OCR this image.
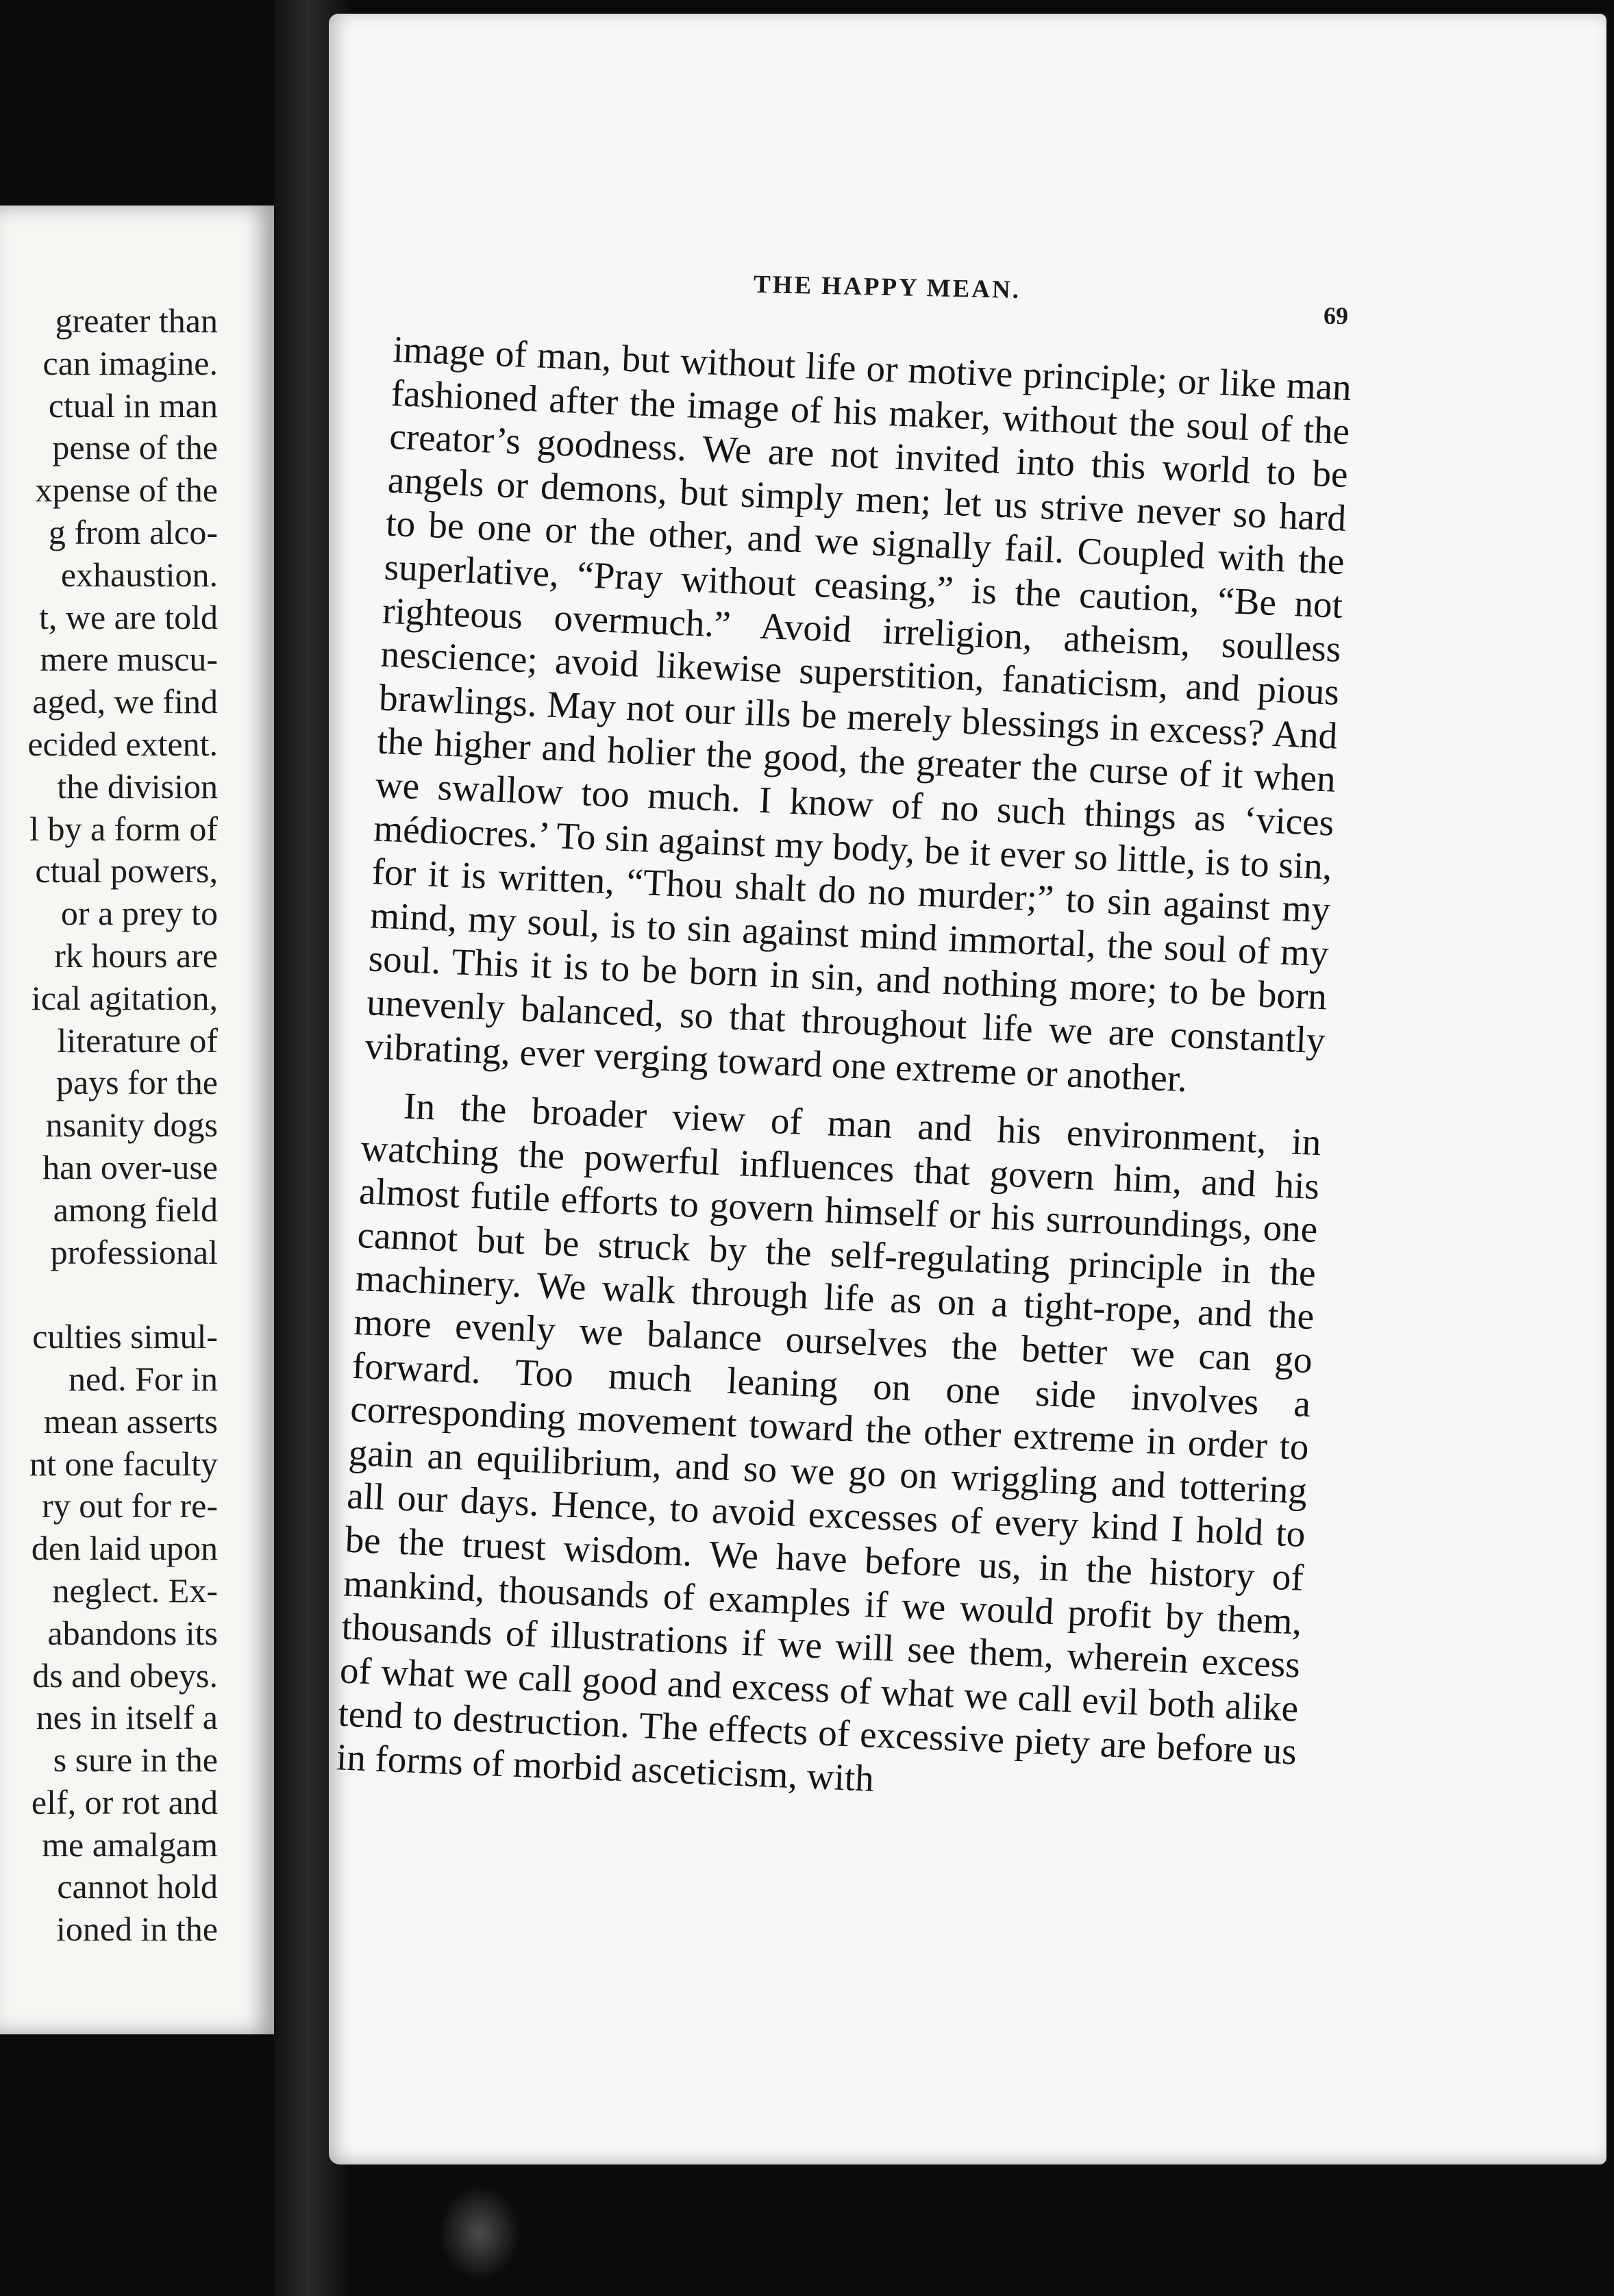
greater than
can imagine.
ctual in man
pense of the
xpense of the
g from alco-
exhaustion.
t, we are told
mere muscu-
aged, we find
ecided extent.
the division
l by a form of
ctual powers,
or a prey to
rk hours are
ical agitation,
literature of
pays for the
nsanity dogs
han over-use
among field
professional
culties simul-
ned. For in
mean asserts
nt one faculty
ry out for re-
den laid upon
neglect. Ex-
abandons its
ds and obeys.
nes in itself a
s sure in the
elf, or rot and
me amalgam
cannot hold
ioned in the
THE HAPPY MEAN.
69

image of man, but without life or motive principle; or like man fashioned after the image of his maker, without the soul of the creator’s goodness. We are not invited into this world to be angels or demons, but simply men; let us strive never so hard to be one or the other, and we signally fail. Coupled with the superlative, “Pray without ceasing,” is the caution, “Be not righteous overmuch.” Avoid irreligion, atheism, soulless nescience; avoid likewise superstition, fanaticism, and pious brawlings. May not our ills be merely blessings in excess? And the higher and holier the good, the greater the curse of it when we swallow too much. I know of no such things as ‘vices médiocres.’ To sin against my body, be it ever so little, is to sin, for it is written, “Thou shalt do no murder;” to sin against my mind, my soul, is to sin against mind immortal, the soul of my soul. This it is to be born in sin, and nothing more; to be born unevenly balanced, so that throughout life we are constantly vibrating, ever verging toward one extreme or another.

In the broader view of man and his environment, in watching the powerful influences that govern him, and his almost futile efforts to govern himself or his surroundings, one cannot but be struck by the self-regulating principle in the machinery. We walk through life as on a tight-rope, and the more evenly we balance ourselves the better we can go forward. Too much leaning on one side involves a corresponding movement toward the other extreme in order to gain an equilibrium, and so we go on wriggling and tottering all our days. Hence, to avoid excesses of every kind I hold to be the truest wisdom. We have before us, in the history of mankind, thousands of examples if we would profit by them, thousands of illustrations if we will see them, wherein excess of what we call good and excess of what we call evil both alike tend to destruction. The effects of excessive piety are before us in forms of morbid asceticism, with
